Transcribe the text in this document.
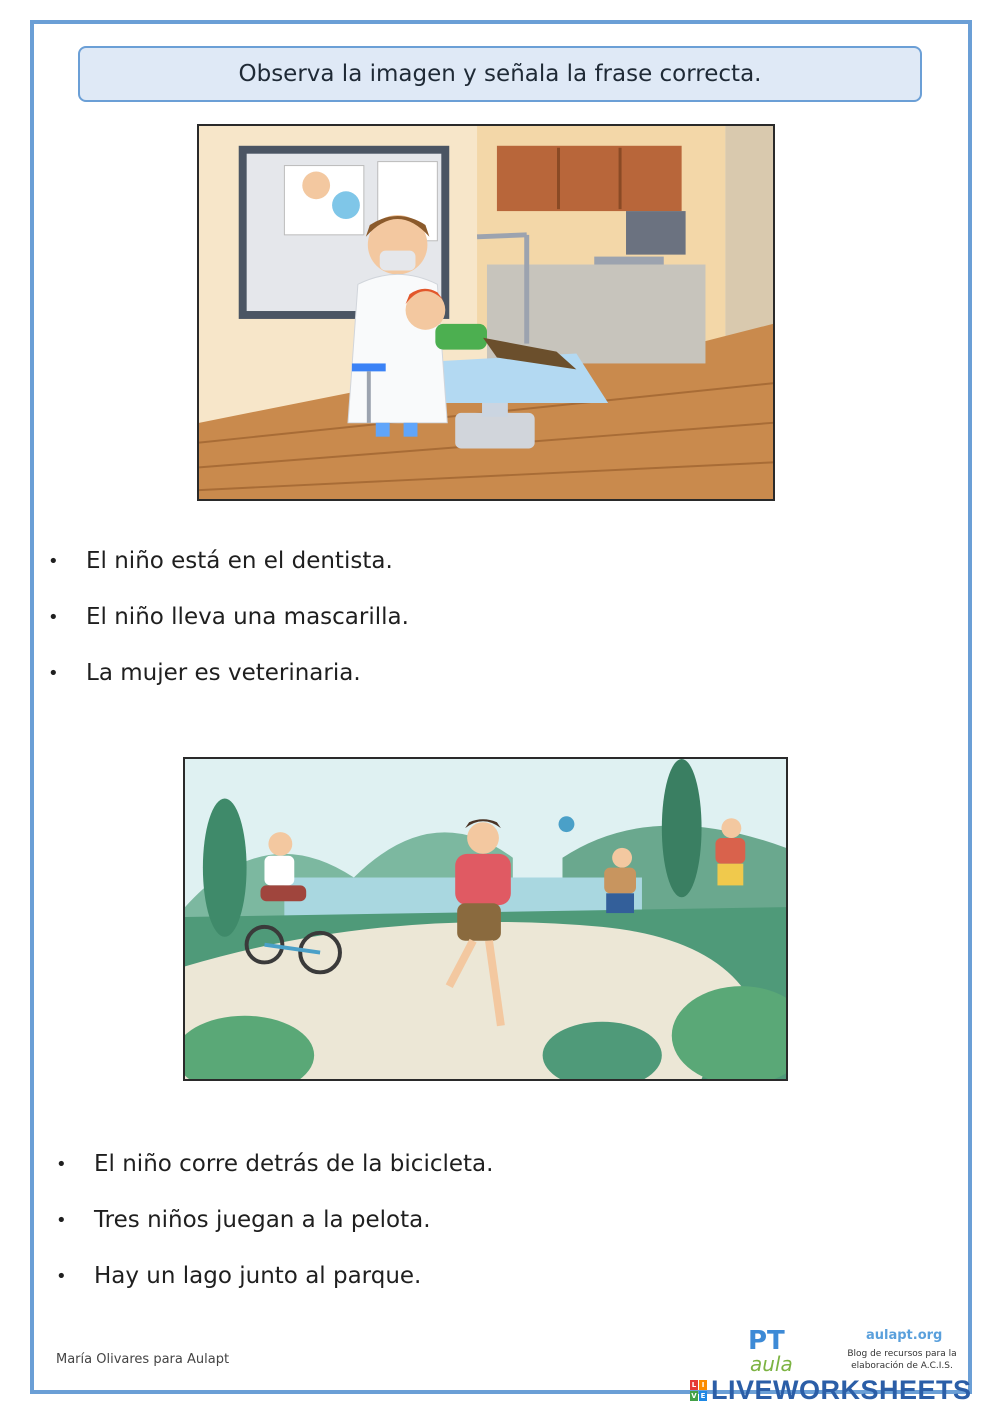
Observa la imagen y señala la frase correcta.
•	El niño está en el dentista.
•	El niño lleva una mascarilla.
•	La mujer es veterinaria.
•	El niño corre detrás de la bicicleta.
•	Tres niños juegan a la pelota.
•	Hay un lago junto al parque.
María Olivares para Aulapt
PT
aula
aulapt.org
Blog de recursos para la elaboración de A.C.I.S.
L I
V E LIVEWORKSHEETS
